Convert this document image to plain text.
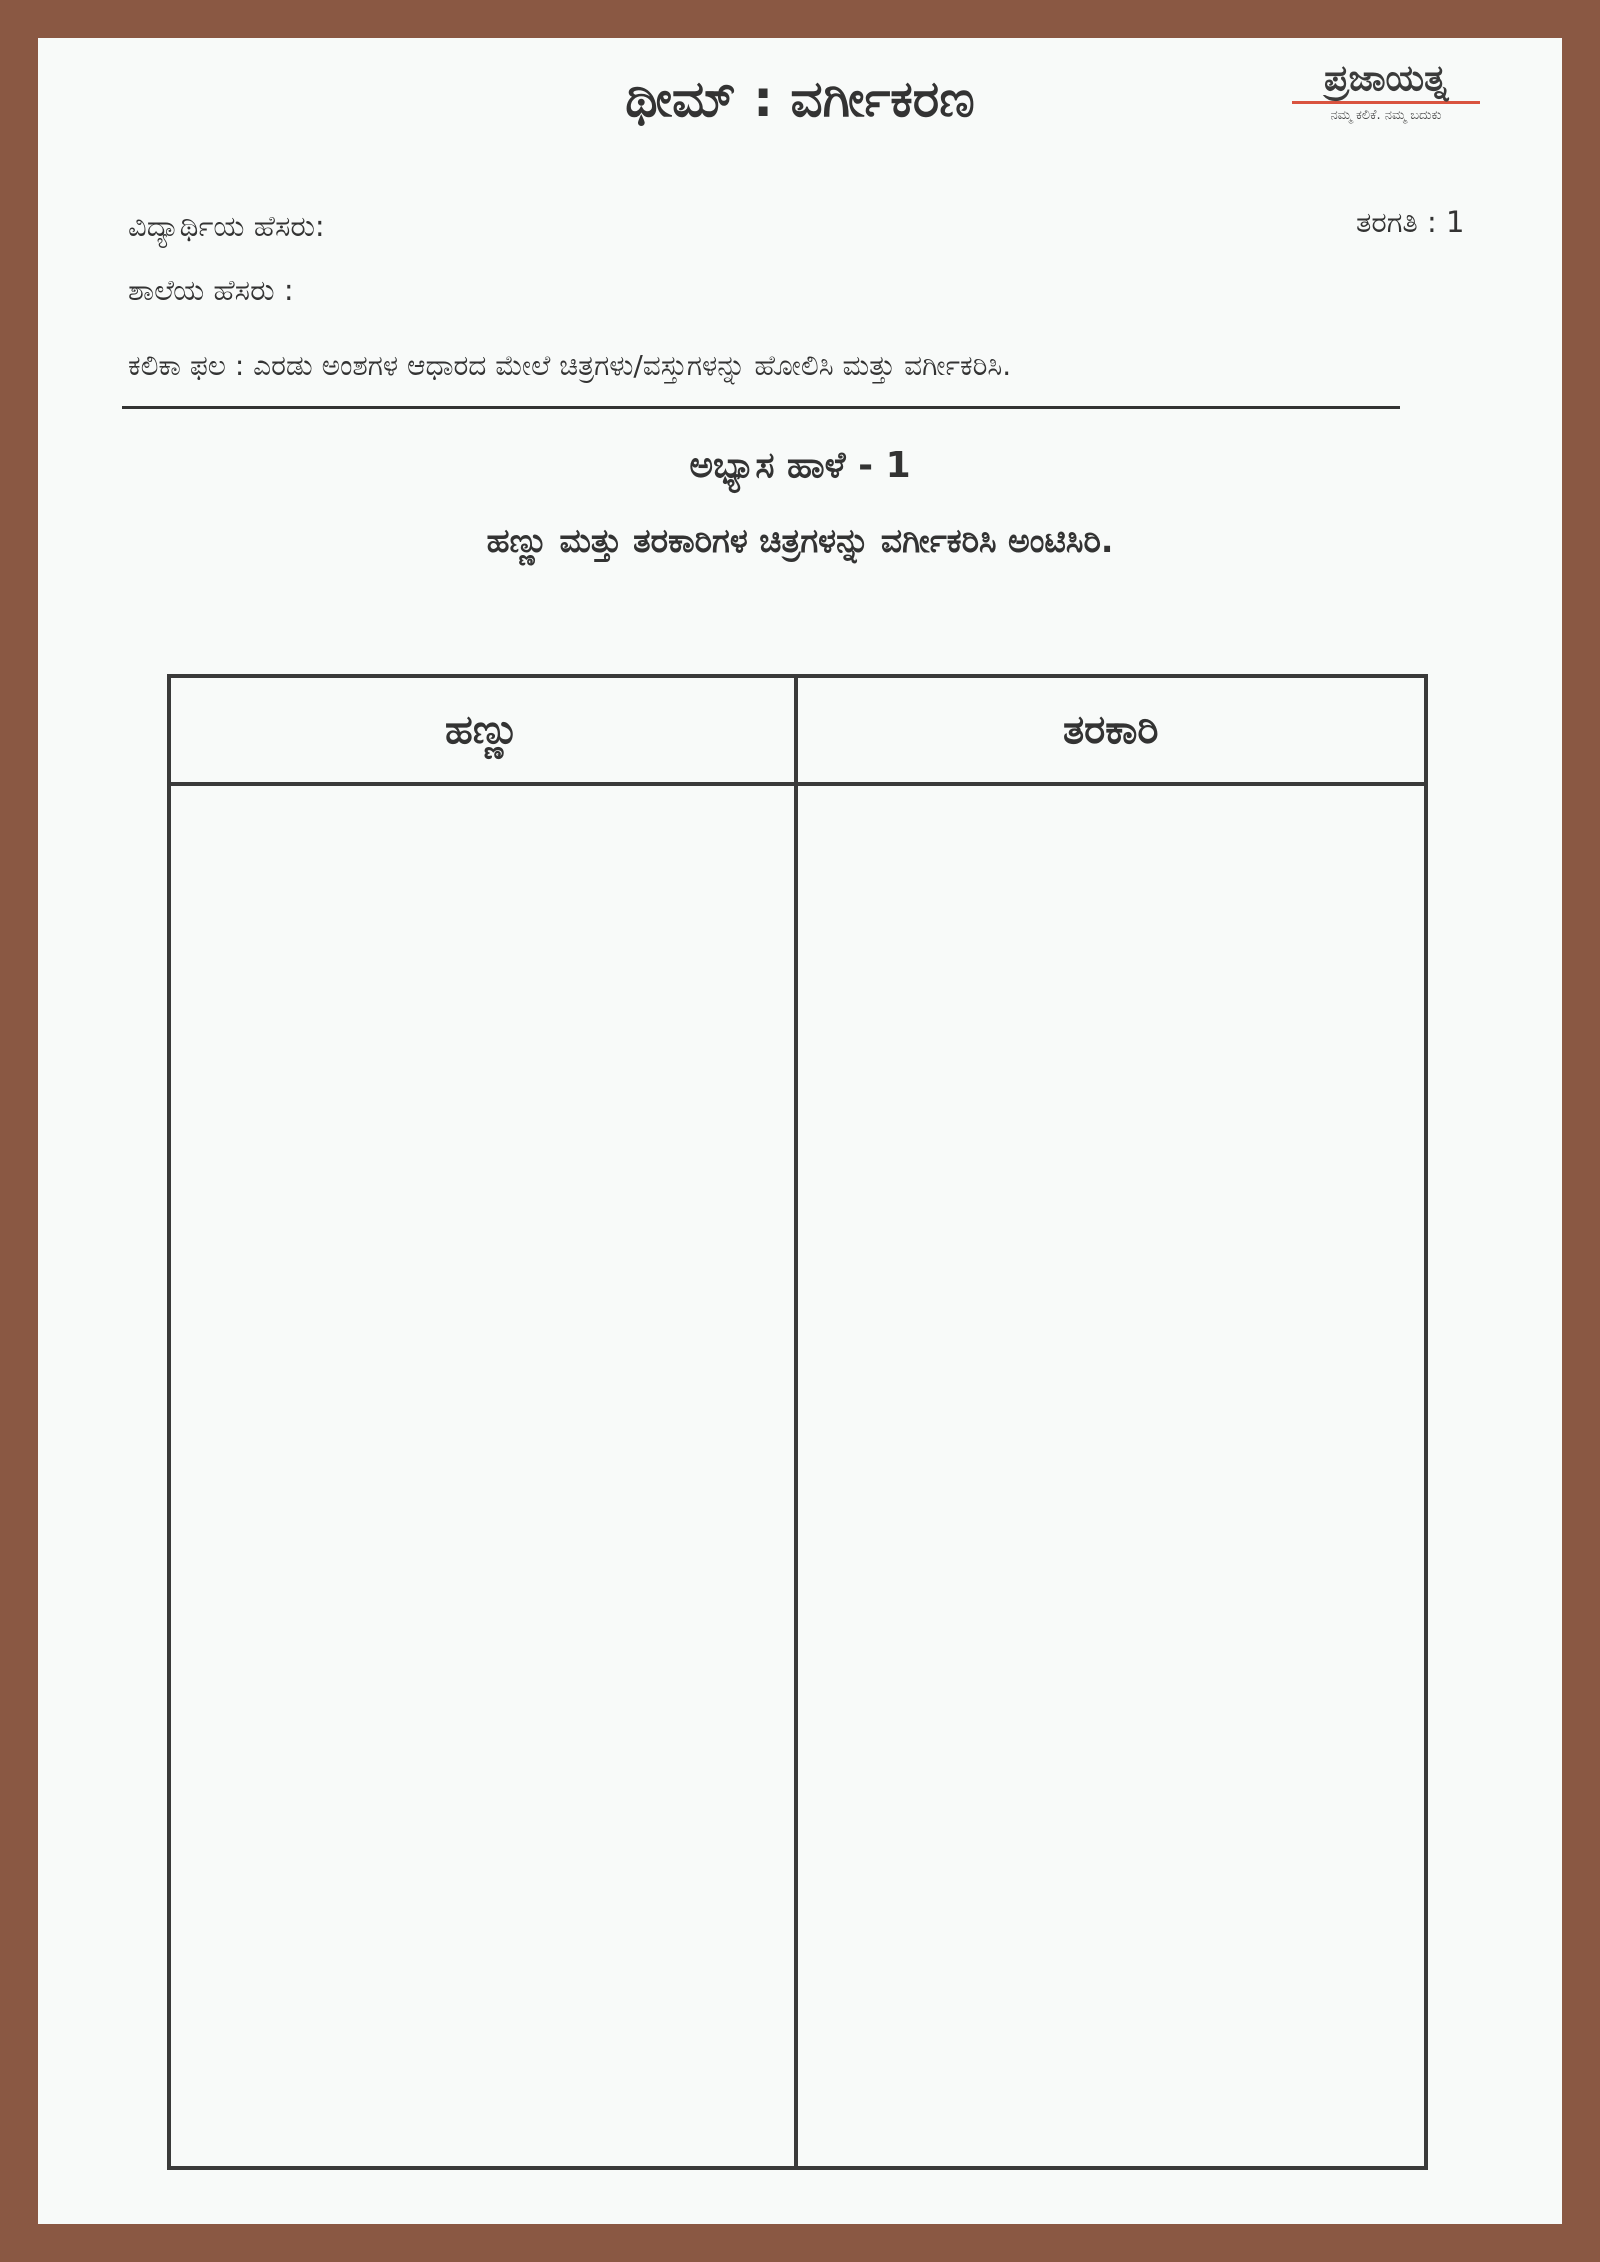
ಥೀಮ್ : ವರ್ಗೀಕರಣ	ಪ್ರಜಾಯತ್ನ
ನಮ್ಮ ಕಲಿಕೆ. ನಮ್ಮ ಬದುಕು
ವಿದ್ಯಾರ್ಥಿಯ ಹೆಸರು:	ತರಗತಿ : 1
ಶಾಲೆಯ ಹೆಸರು :
ಕಲಿಕಾ ಫಲ : ಎರಡು ಅಂಶಗಳ ಆಧಾರದ ಮೇಲೆ ಚಿತ್ರಗಳು/ವಸ್ತುಗಳನ್ನು ಹೋಲಿಸಿ ಮತ್ತು ವರ್ಗೀಕರಿಸಿ.
ಅಭ್ಯಾಸ ಹಾಳೆ - 1
ಹಣ್ಣು ಮತ್ತು ತರಕಾರಿಗಳ ಚಿತ್ರಗಳನ್ನು ವರ್ಗೀಕರಿಸಿ ಅಂಟಿಸಿರಿ.
ಹಣ್ಣು	ತರಕಾರಿ
